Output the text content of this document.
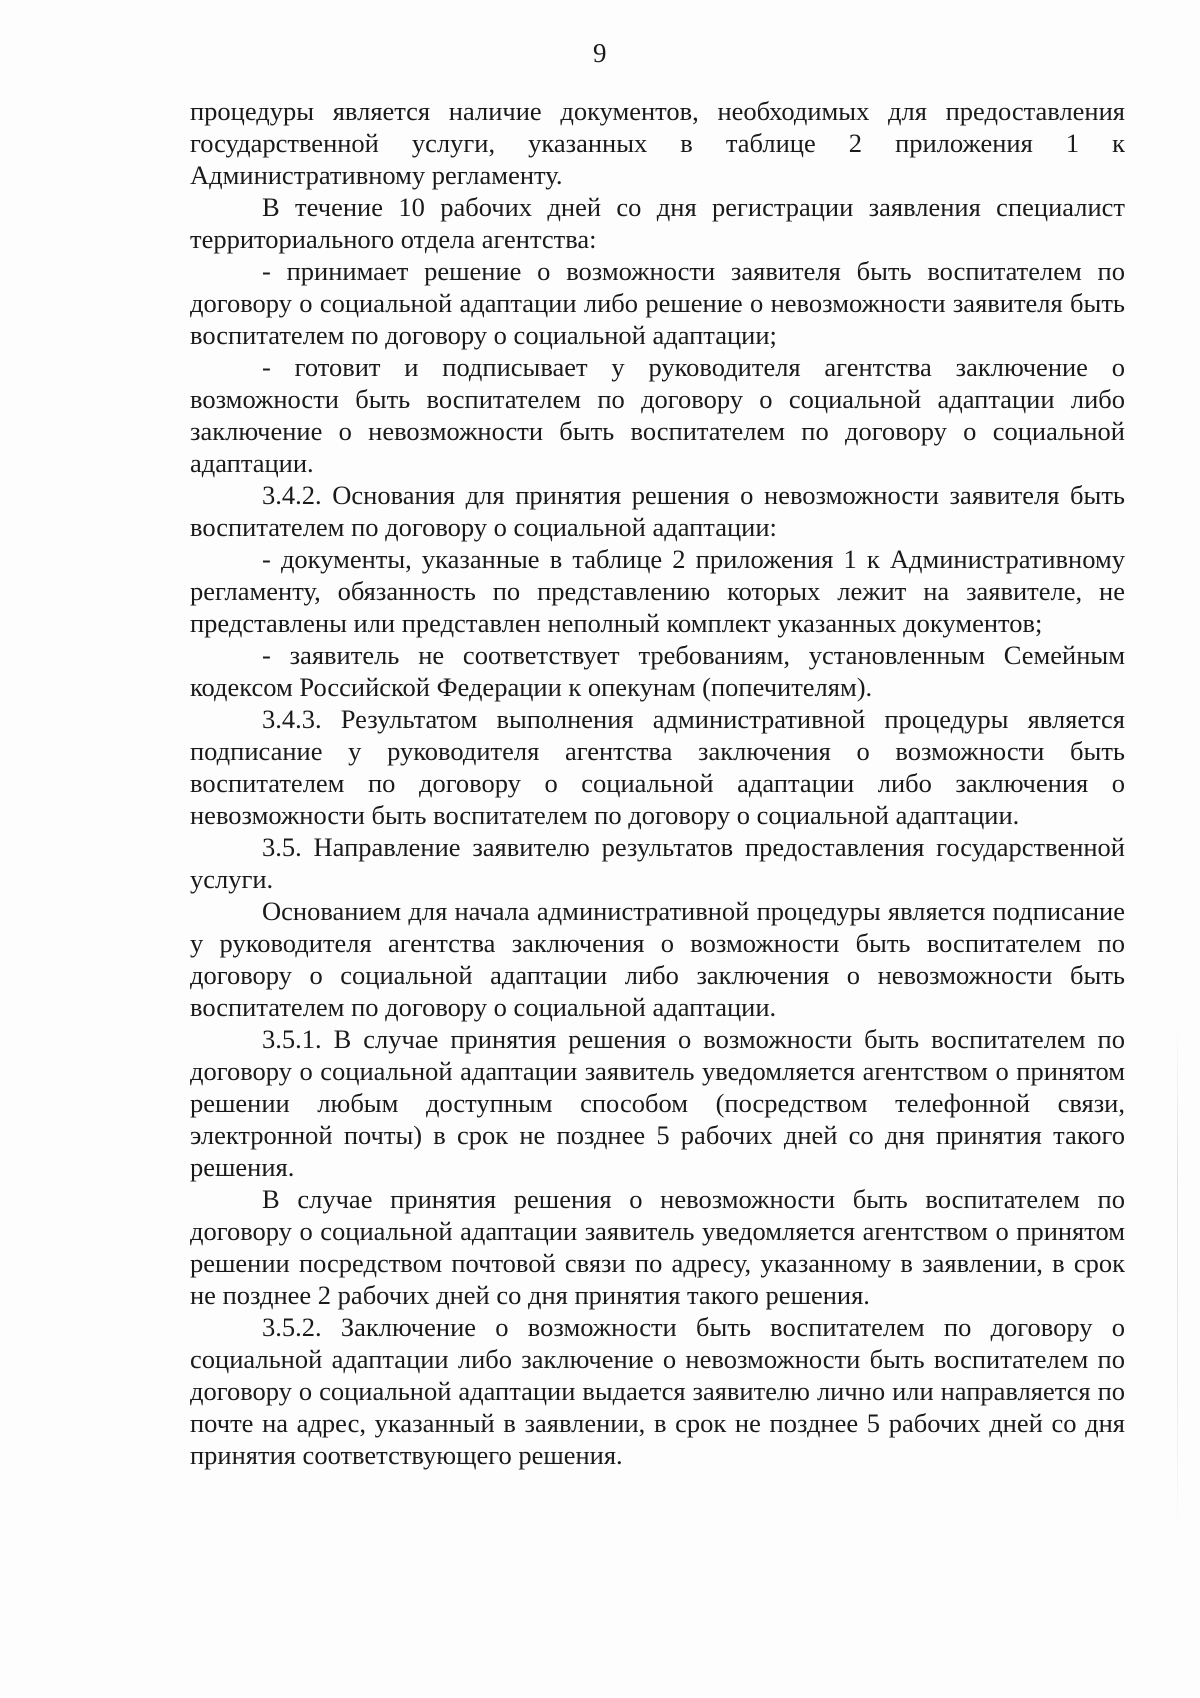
9

процедуры является наличие документов, необходимых для предоставления государственной услуги, указанных в таблице 2 приложения 1 к Административному регламенту.

В течение 10 рабочих дней со дня регистрации заявления специалист территориального отдела агентства:

- принимает решение о возможности заявителя быть воспитателем по договору о социальной адаптации либо решение о невозможности заявителя быть воспитателем по договору о социальной адаптации;

- готовит и подписывает у руководителя агентства заключение о возможности быть воспитателем по договору о социальной адаптации либо заключение о невозможности быть воспитателем по договору о социальной адаптации.

3.4.2. Основания для принятия решения о невозможности заявителя быть воспитателем по договору о социальной адаптации:

- документы, указанные в таблице 2 приложения 1 к Административному регламенту, обязанность по представлению которых лежит на заявителе, не представлены или представлен неполный комплект указанных документов;

- заявитель не соответствует требованиям, установленным Семейным кодексом Российской Федерации к опекунам (попечителям).

3.4.3. Результатом выполнения административной процедуры является подписание у руководителя агентства заключения о возможности быть воспитателем по договору о социальной адаптации либо заключения о невозможности быть воспитателем по договору о социальной адаптации.

3.5. Направление заявителю результатов предоставления государственной услуги.

Основанием для начала административной процедуры является подписание у руководителя агентства заключения о возможности быть воспитателем по договору о социальной адаптации либо заключения о невозможности быть воспитателем по договору о социальной адаптации.

3.5.1. В случае принятия решения о возможности быть воспитателем по договору о социальной адаптации заявитель уведомляется агентством о принятом решении любым доступным способом (посредством телефонной связи, электронной почты) в срок не позднее 5 рабочих дней со дня принятия такого решения.

В случае принятия решения о невозможности быть воспитателем по договору о социальной адаптации заявитель уведомляется агентством о принятом решении посредством почтовой связи по адресу, указанному в заявлении, в срок не позднее 2 рабочих дней со дня принятия такого решения.

3.5.2. Заключение о возможности быть воспитателем по договору о социальной адаптации либо заключение о невозможности быть воспитателем по договору о социальной адаптации выдается заявителю лично или направляется по почте на адрес, указанный в заявлении, в срок не позднее 5 рабочих дней со дня принятия соответствующего решения.
